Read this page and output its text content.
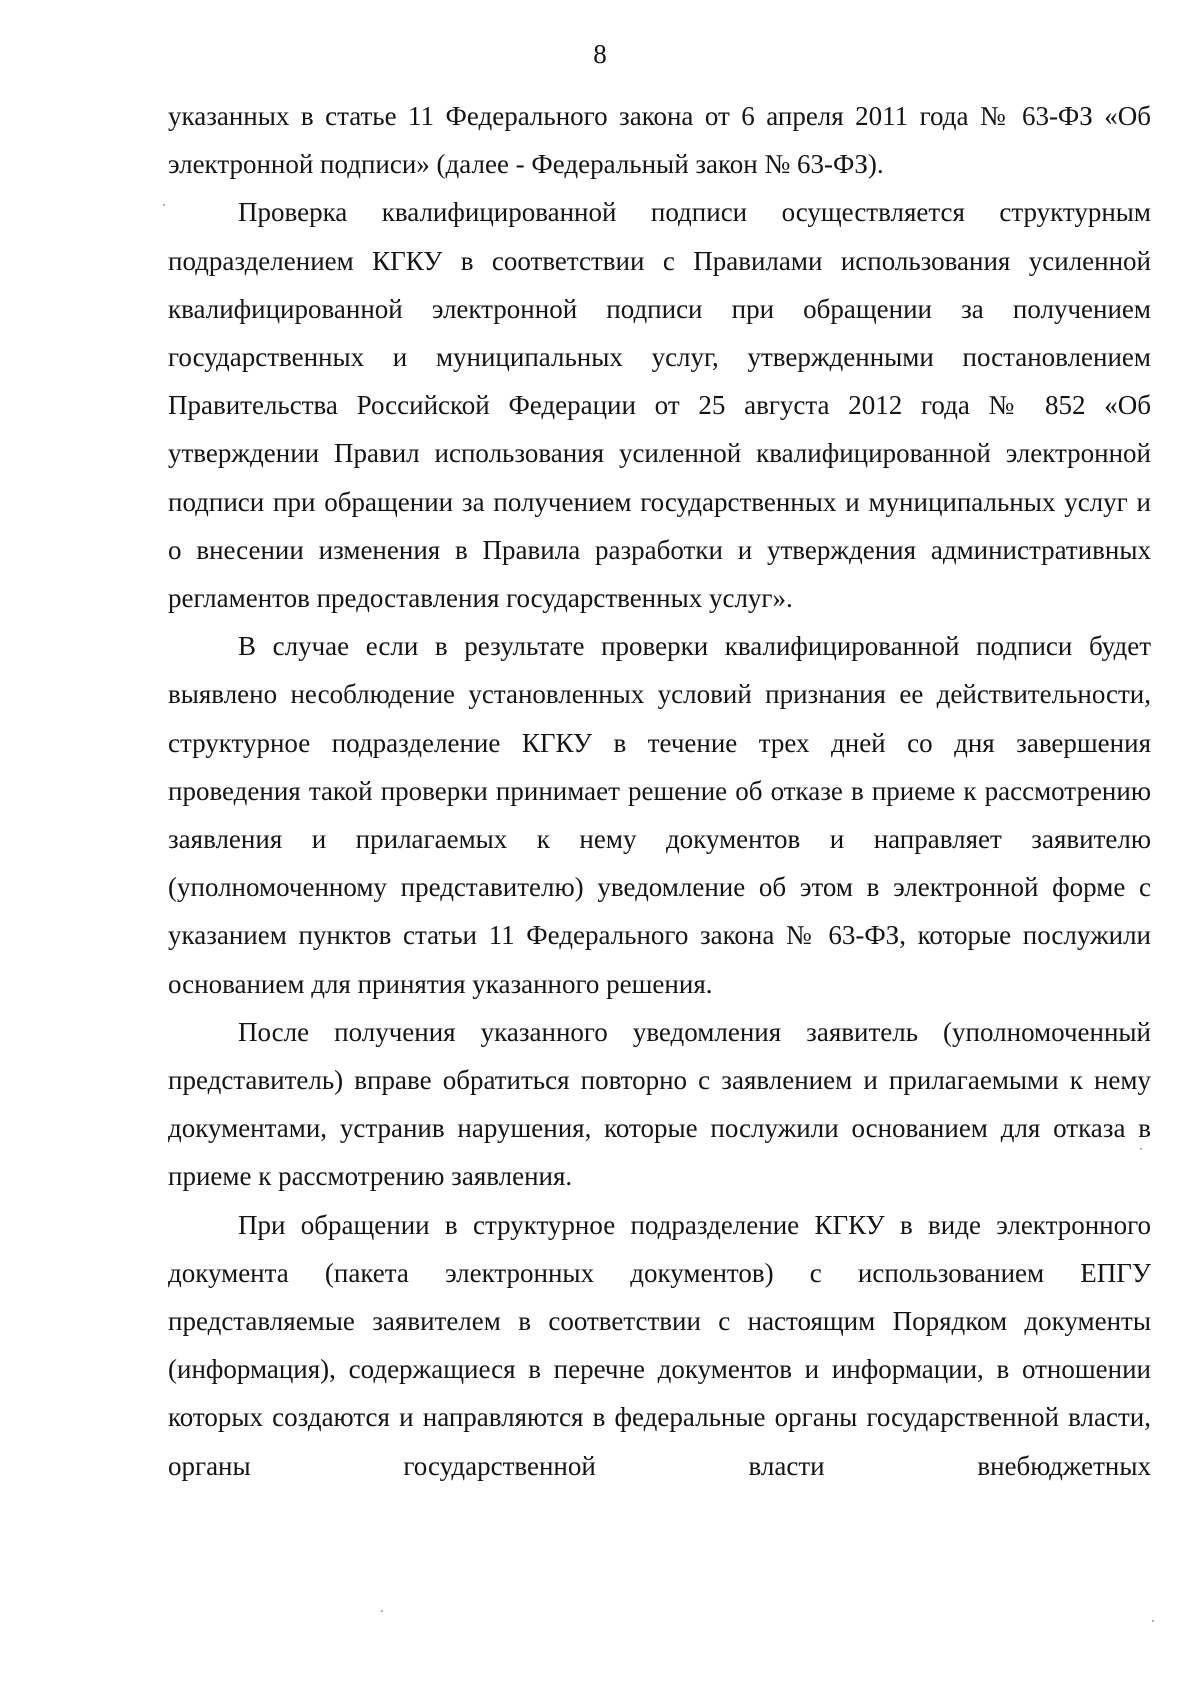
8

указанных в статье 11 Федерального закона от 6 апреля 2011 года № 63-ФЗ «Об электронной подписи» (далее - Федеральный закон № 63-ФЗ).

Проверка квалифицированной подписи осуществляется структурным подразделением КГКУ в соответствии с Правилами использования усиленной квалифицированной электронной подписи при обращении за получением государственных и муниципальных услуг, утвержденными постановлением Правительства Российской Федерации от 25 августа 2012 года № 852 «Об утверждении Правил использования усиленной квалифицированной электронной подписи при обращении за получением государственных и муниципальных услуг и о внесении изменения в Правила разработки и утверждения административных регламентов предоставления государственных услуг».

В случае если в результате проверки квалифицированной подписи будет выявлено несоблюдение установленных условий признания ее действительности, структурное подразделение КГКУ в течение трех дней со дня завершения проведения такой проверки принимает решение об отказе в приеме к рассмотрению заявления и прилагаемых к нему документов и направляет заявителю (уполномоченному представителю) уведомление об этом в электронной форме с указанием пунктов статьи 11 Федерального закона № 63-ФЗ, которые послужили основанием для принятия указанного решения.

После получения указанного уведомления заявитель (уполномоченный представитель) вправе обратиться повторно с заявлением и прилагаемыми к нему документами, устранив нарушения, которые послужили основанием для отказа в приеме к рассмотрению заявления.

При обращении в структурное подразделение КГКУ в виде электронного документа (пакета электронных документов) с использованием ЕПГУ представляемые заявителем в соответствии с настоящим Порядком документы (информация), содержащиеся в перечне документов и информации, в отношении которых создаются и направляются в федеральные органы государственной власти, органы государственной власти внебюджетных
